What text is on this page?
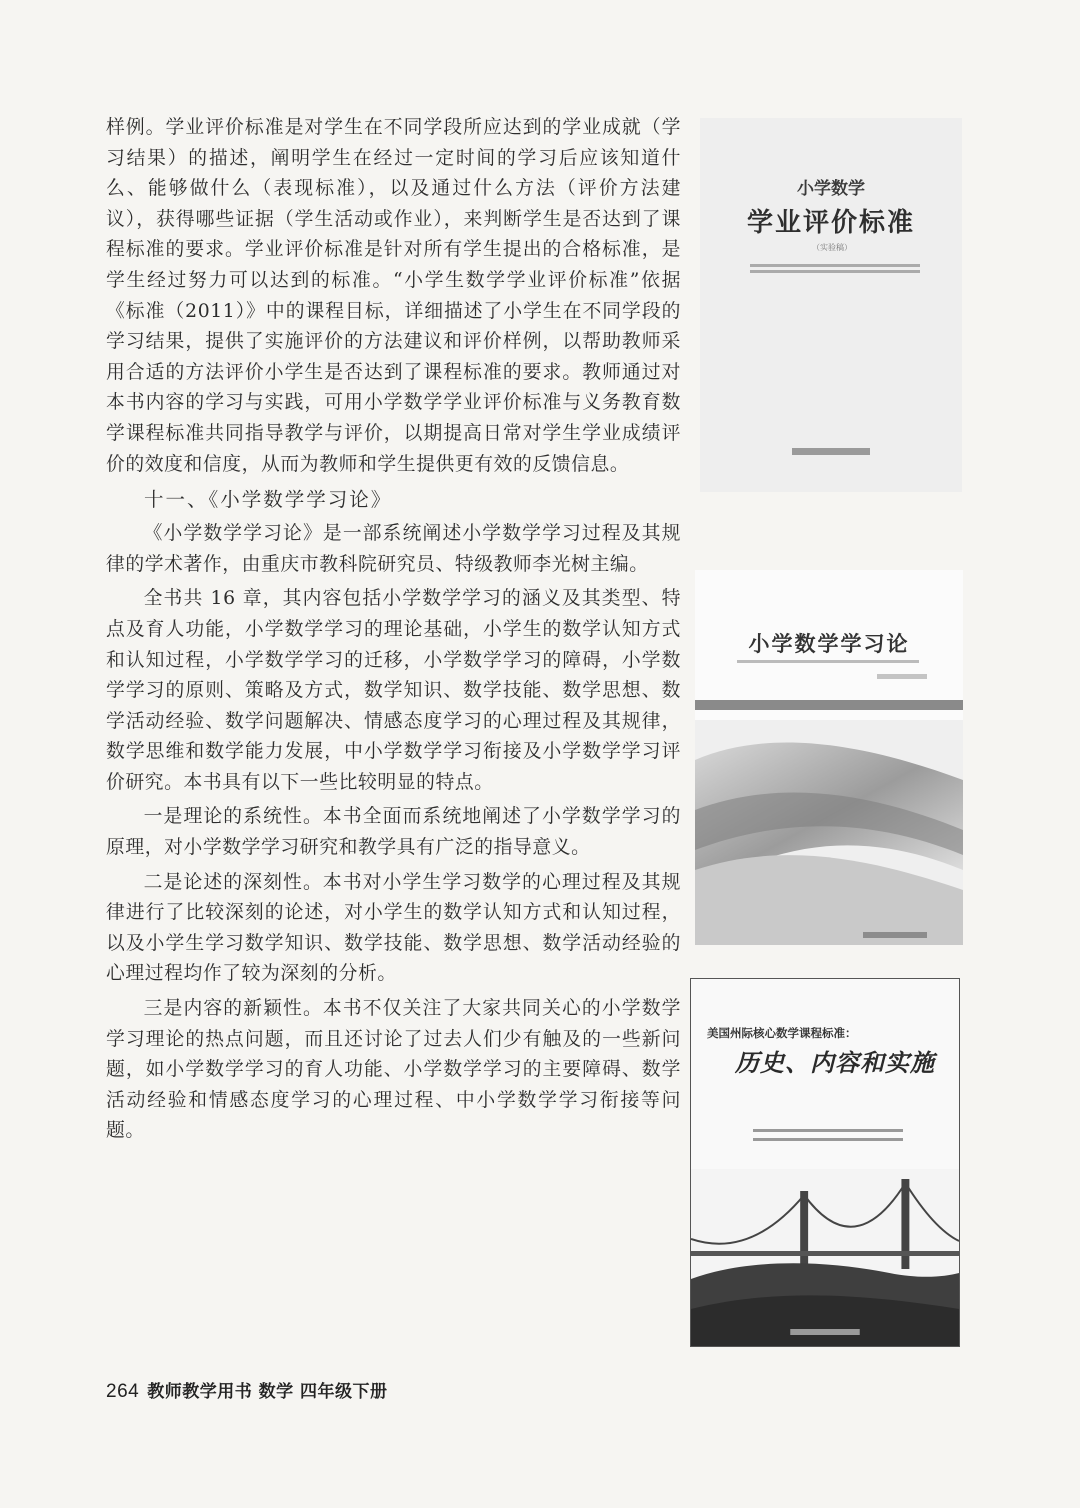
样例。学业评价标准是对学生在不同学段所应达到的学业成就（学习结果）的描述，阐明学生在经过一定时间的学习后应该知道什么、能够做什么（表现标准），以及通过什么方法（评价方法建议），获得哪些证据（学生活动或作业），来判断学生是否达到了课程标准的要求。学业评价标准是针对所有学生提出的合格标准，是学生经过努力可以达到的标准。“小学生数学学业评价标准”依据《标准（2011）》中的课程目标，详细描述了小学生在不同学段的学习结果，提供了实施评价的方法建议和评价样例，以帮助教师采用合适的方法评价小学生是否达到了课程标准的要求。教师通过对本书内容的学习与实践，可用小学数学学业评价标准与义务教育数学课程标准共同指导教学与评价，以期提高日常对学生学业成绩评价的效度和信度，从而为教师和学生提供更有效的反馈信息。

十一、《小学数学学习论》

《小学数学学习论》是一部系统阐述小学数学学习过程及其规律的学术著作，由重庆市教科院研究员、特级教师李光树主编。

全书共 16 章，其内容包括小学数学学习的涵义及其类型、特点及育人功能，小学数学学习的理论基础，小学生的数学认知方式和认知过程，小学数学学习的迁移，小学数学学习的障碍，小学数学学习的原则、策略及方式，数学知识、数学技能、数学思想、数学活动经验、数学问题解决、情感态度学习的心理过程及其规律，数学思维和数学能力发展，中小学数学学习衔接及小学数学学习评价研究。本书具有以下一些比较明显的特点。

一是理论的系统性。本书全面而系统地阐述了小学数学学习的原理，对小学数学学习研究和教学具有广泛的指导意义。

二是论述的深刻性。本书对小学生学习数学的心理过程及其规律进行了比较深刻的论述，对小学生的数学认知方式和认知过程，以及小学生学习数学知识、数学技能、数学思想、数学活动经验的心理过程均作了较为深刻的分析。

三是内容的新颖性。本书不仅关注了大家共同关心的小学数学学习理论的热点问题，而且还讨论了过去人们少有触及的一些新问题，如小学数学学习的育人功能、小学数学学习的主要障碍、数学活动经验和情感态度学习的心理过程、中小学数学学习衔接等问题。

小学数学
学业评价标准
（实验稿）
小学数学学习论
美国州际核心数学课程标准：
历史、内容和实施
264 教师教学用书 数学 四年级下册
